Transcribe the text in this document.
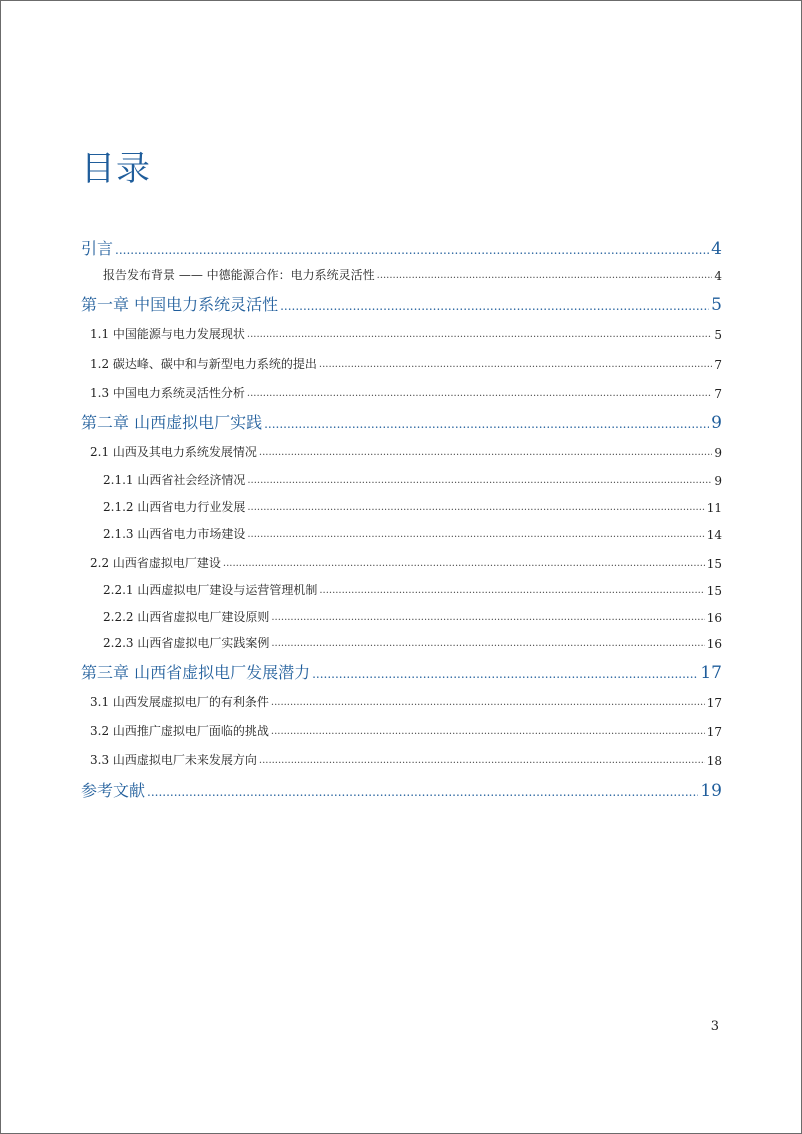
目录
引言 .....	4
报告发布背景 —— 中德能源合作：电力系统灵活性 .....	4
第一章 中国电力系统灵活性 .....	5
1.1 中国能源与电力发展现状 .....	5
1.2 碳达峰、碳中和与新型电力系统的提出 .....	7
1.3 中国电力系统灵活性分析 .....	7
第二章 山西虚拟电厂实践 .....	9
2.1 山西及其电力系统发展情况 .....	9
2.1.1 山西省社会经济情况 .....	9
2.1.2 山西省电力行业发展 .....	11
2.1.3 山西省电力市场建设 .....	14
2.2 山西省虚拟电厂建设 .....	15
2.2.1 山西虚拟电厂建设与运营管理机制 .....	15
2.2.2 山西省虚拟电厂建设原则 .....	16
2.2.3 山西省虚拟电厂实践案例 .....	16
第三章 山西省虚拟电厂发展潜力 .....	17
3.1 山西发展虚拟电厂的有利条件 .....	17
3.2 山西推广虚拟电厂面临的挑战 .....	17
3.3 山西虚拟电厂未来发展方向 .....	18
参考文献 .....	19
3
